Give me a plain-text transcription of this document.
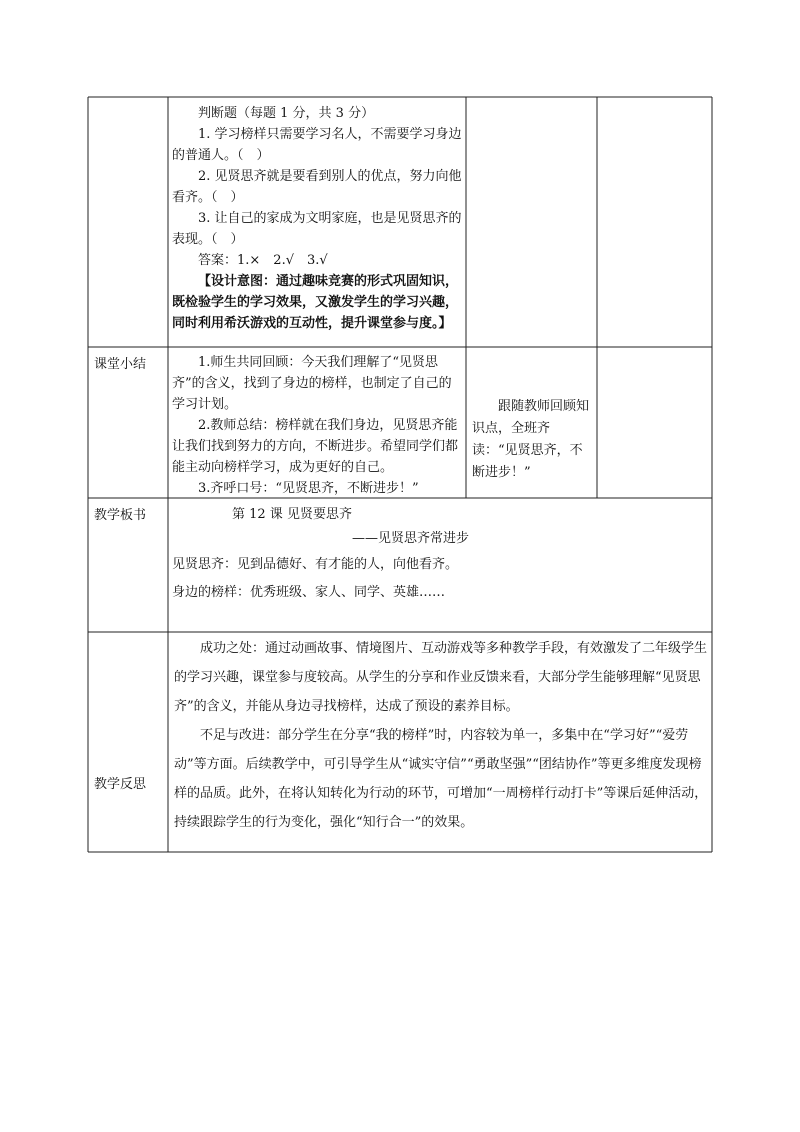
判断题（每题 1 分，共 3 分）

1. 学习榜样只需要学习名人，不需要学习身边的普通人。（　）

2. 见贤思齐就是要看到别人的优点，努力向他看齐。（　）

3. 让自己的家成为文明家庭，也是见贤思齐的表现。（　）

答案：1.×　2.√　3.√

【设计意图：通过趣味竞赛的形式巩固知识，既检验学生的学习效果，又激发学生的学习兴趣，同时利用希沃游戏的互动性，提升课堂参与度。】

课堂小结	1.师生共同回顾：今天我们理解了“见贤思齐”的含义，找到了身边的榜样，也制定了自己的学习计划。

2.教师总结：榜样就在我们身边，见贤思齐能让我们找到努力的方向，不断进步。希望同学们都能主动向榜样学习，成为更好的自己。

3.齐呼口号：“见贤思齐，不断进步！”

跟随教师回顾知识点，全班齐读：“见贤思齐，不断进步！”

教学板书	第 12 课 见贤要思齐

——见贤思齐常进步

见贤思齐：见到品德好、有才能的人，向他看齐。

身边的榜样：优秀班级、家人、同学、英雄……

教学反思

成功之处：通过动画故事、情境图片、互动游戏等多种教学手段，有效激发了二年级学生的学习兴趣，课堂参与度较高。从学生的分享和作业反馈来看，大部分学生能够理解“见贤思齐”的含义，并能从身边寻找榜样，达成了预设的素养目标。

不足与改进：部分学生在分享“我的榜样”时，内容较为单一，多集中在“学习好”“爱劳动”等方面。后续教学中，可引导学生从“诚实守信”“勇敢坚强”“团结协作”等更多维度发现榜样的品质。此外，在将认知转化为行动的环节，可增加“一周榜样行动打卡”等课后延伸活动，持续跟踪学生的行为变化，强化“知行合一”的效果。
